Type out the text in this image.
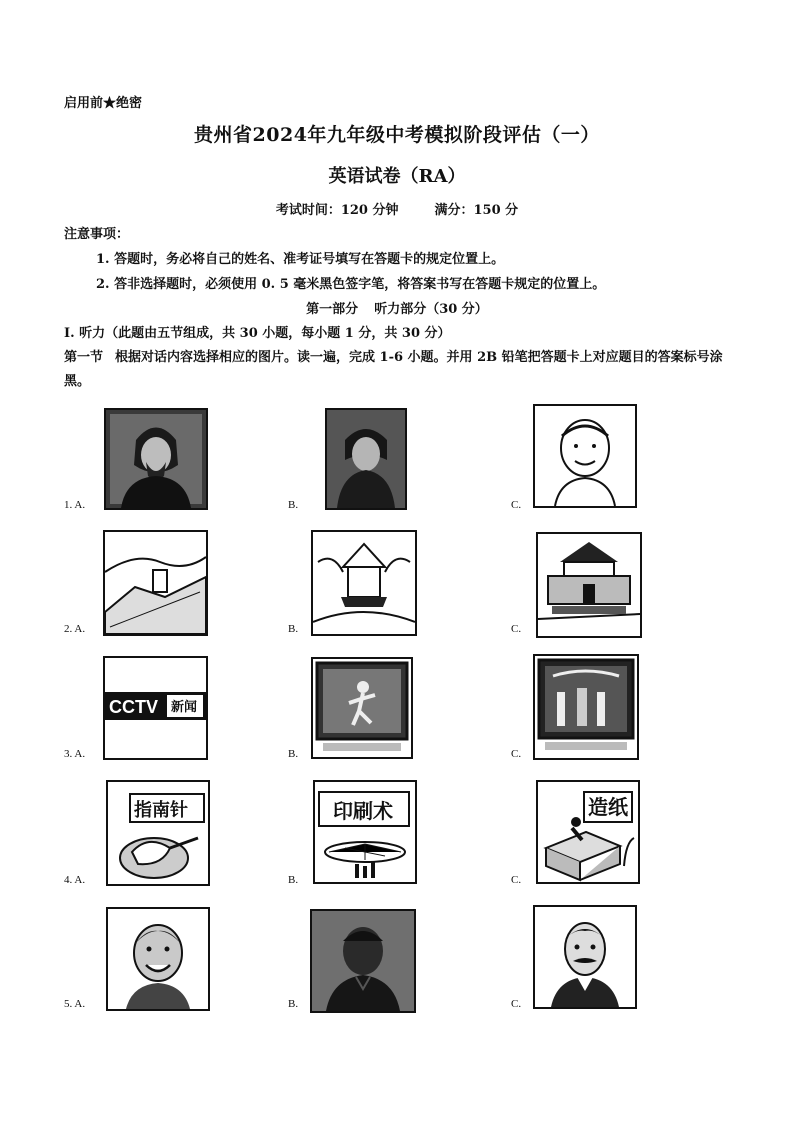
启用前★绝密
贵州省2024年九年级中考模拟阶段评估（一）
英语试卷（RA）
考试时间：120 分钟	满分：150 分
注意事项：
1. 答题时，务必将自己的姓名、准考证号填写在答题卡的规定位置上。
2. 答非选择题时，必须使用 0. 5 毫米黑色签字笔，将答案书写在答题卡规定的位置上。
第一部分 听力部分（30 分）
I. 听力（此题由五节组成，共 30 小题，每小题 1 分，共 30 分）
第一节 根据对话内容选择相应的图片。读一遍，完成 1-6 小题。并用 2B 铅笔把答题卡上对应题目的答案标号涂黑。
1. A.	B.	C.
2. A.	B.	C.
3. A.
CCTV 新闻
B.	C.
4. A.
指南针
B.
印刷术
C.
造纸
5. A.	B.	C.
